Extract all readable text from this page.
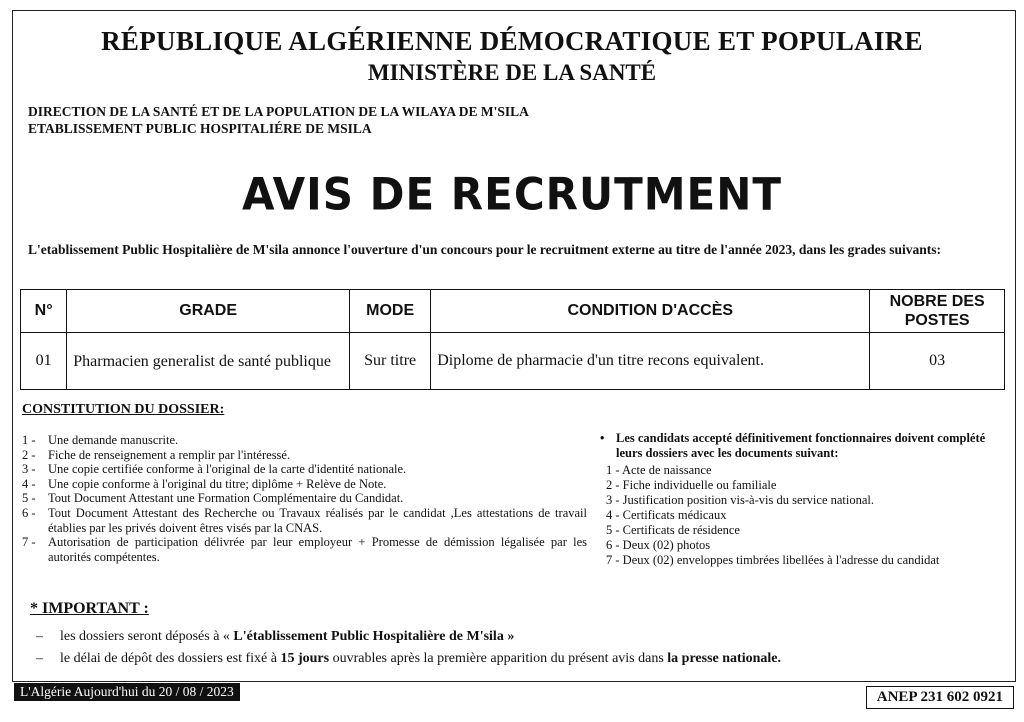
RÉPUBLIQUE ALGÉRIENNE DÉMOCRATIQUE ET POPULAIRE
MINISTÈRE DE LA SANTÉ
DIRECTION DE LA SANTÉ ET DE LA POPULATION DE LA WILAYA DE M'SILA
ETABLISSEMENT PUBLIC HOSPITALIÉRE DE MSILA
AVIS DE RECRUTMENT
L'etablissement Public Hospitalière de M'sila annonce l'ouverture d'un concours pour le recruitment externe au titre de l'année 2023, dans les grades suivants:
N°	GRADE	MODE	CONDITION D'ACCÈS	NOBRE DES POSTES
01	Pharmacien generalist de santé publique	Sur titre	Diplome de pharmacie d'un titre recons equivalent.	03
CONSTITUTION DU DOSSIER:
1 - Une demande manuscrite.
2 - Fiche de renseignement a remplir par l'intéressé.
3 - Une copie certifiée conforme à l'original de la carte d'identité nationale.
4 - Une copie conforme à l'original du titre; diplôme + Relève de Note.
5 - Tout Document Attestant une Formation Complémentaire du Candidat.
6 - Tout Document Attestant des Recherche ou Travaux réalisés par le candidat ,Les attestations de travail établies par les privés doivent êtres visés par la CNAS.
7 - Autorisation de participation délivrée par leur employeur + Promesse de démission légalisée par les autorités compétentes.
• Les candidats accepté définitivement fonctionnaires doivent complété leurs dossiers avec les documents suivant:
1 - Acte de naissance
2 - Fiche individuelle ou familiale
3 - Justification position vis-à-vis du service national.
4 - Certificats médicaux
5 - Certificats de résidence
6 - Deux (02) photos
7 - Deux (02) enveloppes timbrées libellées à l'adresse du candidat
* IMPORTANT :
–	les dossiers seront déposés à « L'établissement Public Hospitalière de M'sila »
–	le délai de dépôt des dossiers est fixé à 15 jours ouvrables après la première apparition du présent avis dans la presse nationale.
L'Algérie Aujourd'hui du 20 / 08 / 2023	ANEP 231 602 0921
